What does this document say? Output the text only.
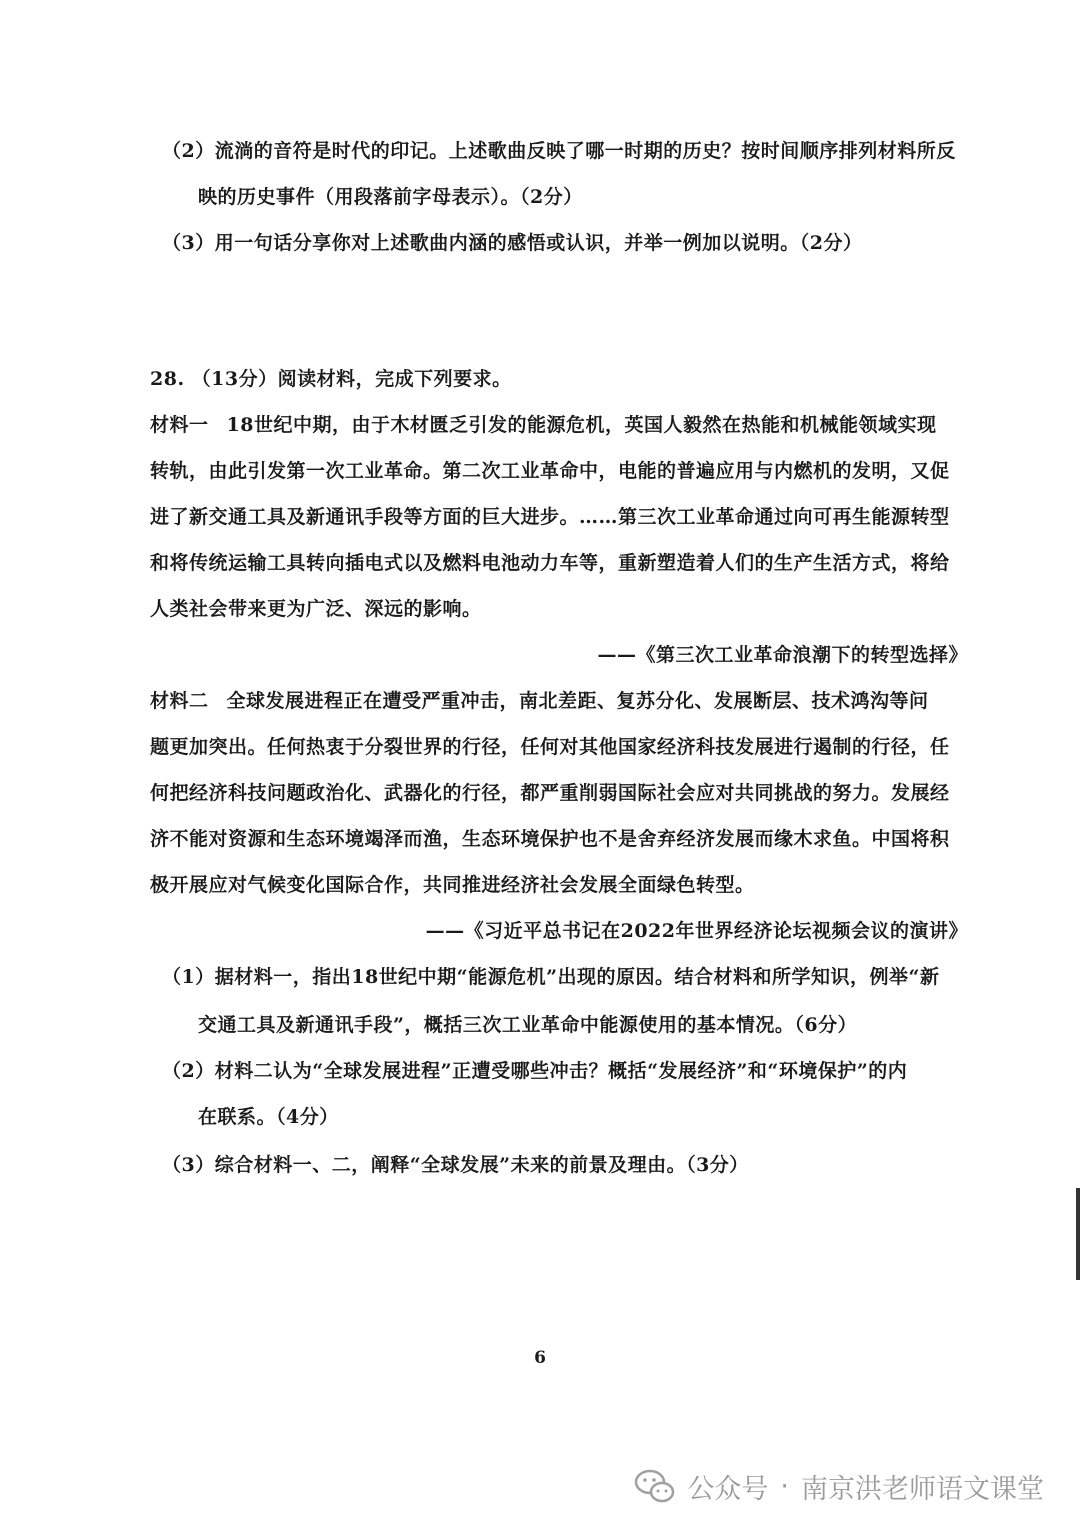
（2）流淌的音符是时代的印记。上述歌曲反映了哪一时期的历史？按时间顺序排列材料所反
映的历史事件（用段落前字母表示）。（2分）
（3）用一句话分享你对上述歌曲内涵的感悟或认识，并举一例加以说明。（2分）
28. （13分）阅读材料，完成下列要求。
材料一 18世纪中期，由于木材匮乏引发的能源危机，英国人毅然在热能和机械能领域实现
转轨，由此引发第一次工业革命。第二次工业革命中，电能的普遍应用与内燃机的发明，又促
进了新交通工具及新通讯手段等方面的巨大进步。……第三次工业革命通过向可再生能源转型
和将传统运输工具转向插电式以及燃料电池动力车等，重新塑造着人们的生产生活方式，将给
人类社会带来更为广泛、深远的影响。
——《第三次工业革命浪潮下的转型选择》
材料二 全球发展进程正在遭受严重冲击，南北差距、复苏分化、发展断层、技术鸿沟等问
题更加突出。任何热衷于分裂世界的行径，任何对其他国家经济科技发展进行遏制的行径，任
何把经济科技问题政治化、武器化的行径，都严重削弱国际社会应对共同挑战的努力。发展经
济不能对资源和生态环境竭泽而渔，生态环境保护也不是舍弃经济发展而缘木求鱼。中国将积
极开展应对气候变化国际合作，共同推进经济社会发展全面绿色转型。
——《习近平总书记在2022年世界经济论坛视频会议的演讲》
（1）据材料一，指出18世纪中期“能源危机”出现的原因。结合材料和所学知识，例举“新
交通工具及新通讯手段”，概括三次工业革命中能源使用的基本情况。（6分）
（2）材料二认为“全球发展进程”正遭受哪些冲击？概括“发展经济”和“环境保护”的内
在联系。（4分）
（3）综合材料一、二，阐释“全球发展”未来的前景及理由。（3分）
6
公众号 · 南京洪老师语文课堂
